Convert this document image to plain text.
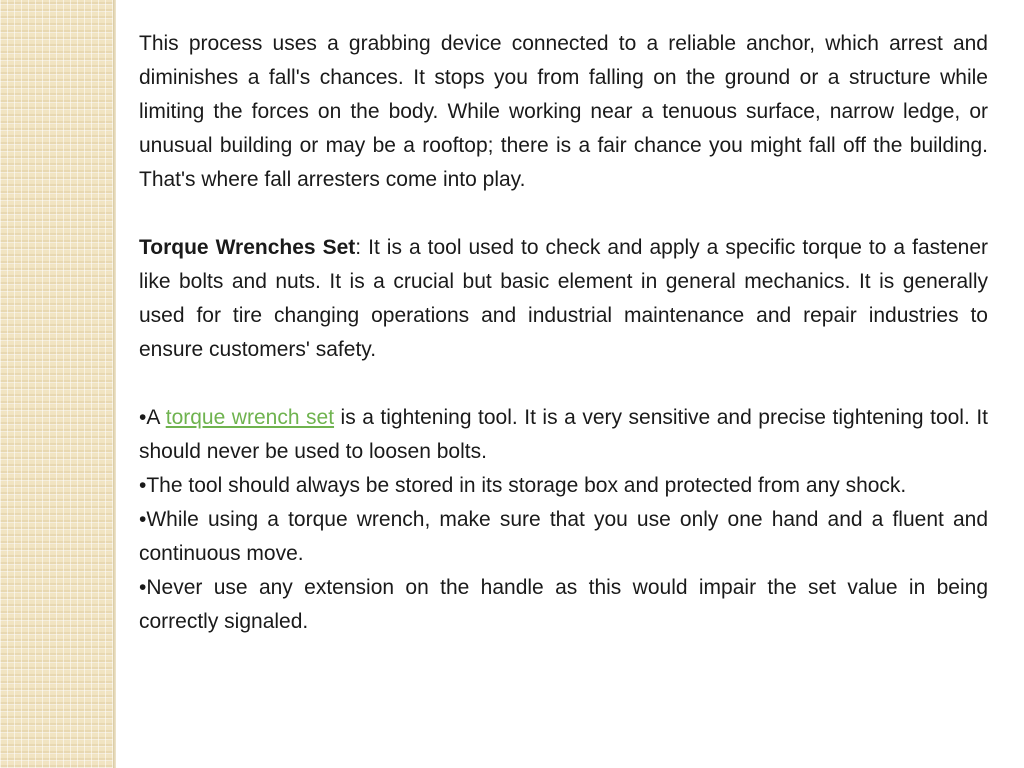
This process uses a grabbing device connected to a reliable anchor, which arrest and diminishes a fall's chances. It stops you from falling on the ground or a structure while limiting the forces on the body. While working near a tenuous surface, narrow ledge, or unusual building or may be a rooftop; there is a fair chance you might fall off the building. That's where fall arresters come into play.

Torque Wrenches Set: It is a tool used to check and apply a specific torque to a fastener like bolts and nuts. It is a crucial but basic element in general mechanics. It is generally used for tire changing operations and industrial maintenance and repair industries to ensure customers' safety.

•A torque wrench set is a tightening tool. It is a very sensitive and precise tightening tool. It should never be used to loosen bolts.

•The tool should always be stored in its storage box and protected from any shock.

•While using a torque wrench, make sure that you use only one hand and a fluent and continuous move.

•Never use any extension on the handle as this would impair the set value in being correctly signaled.
